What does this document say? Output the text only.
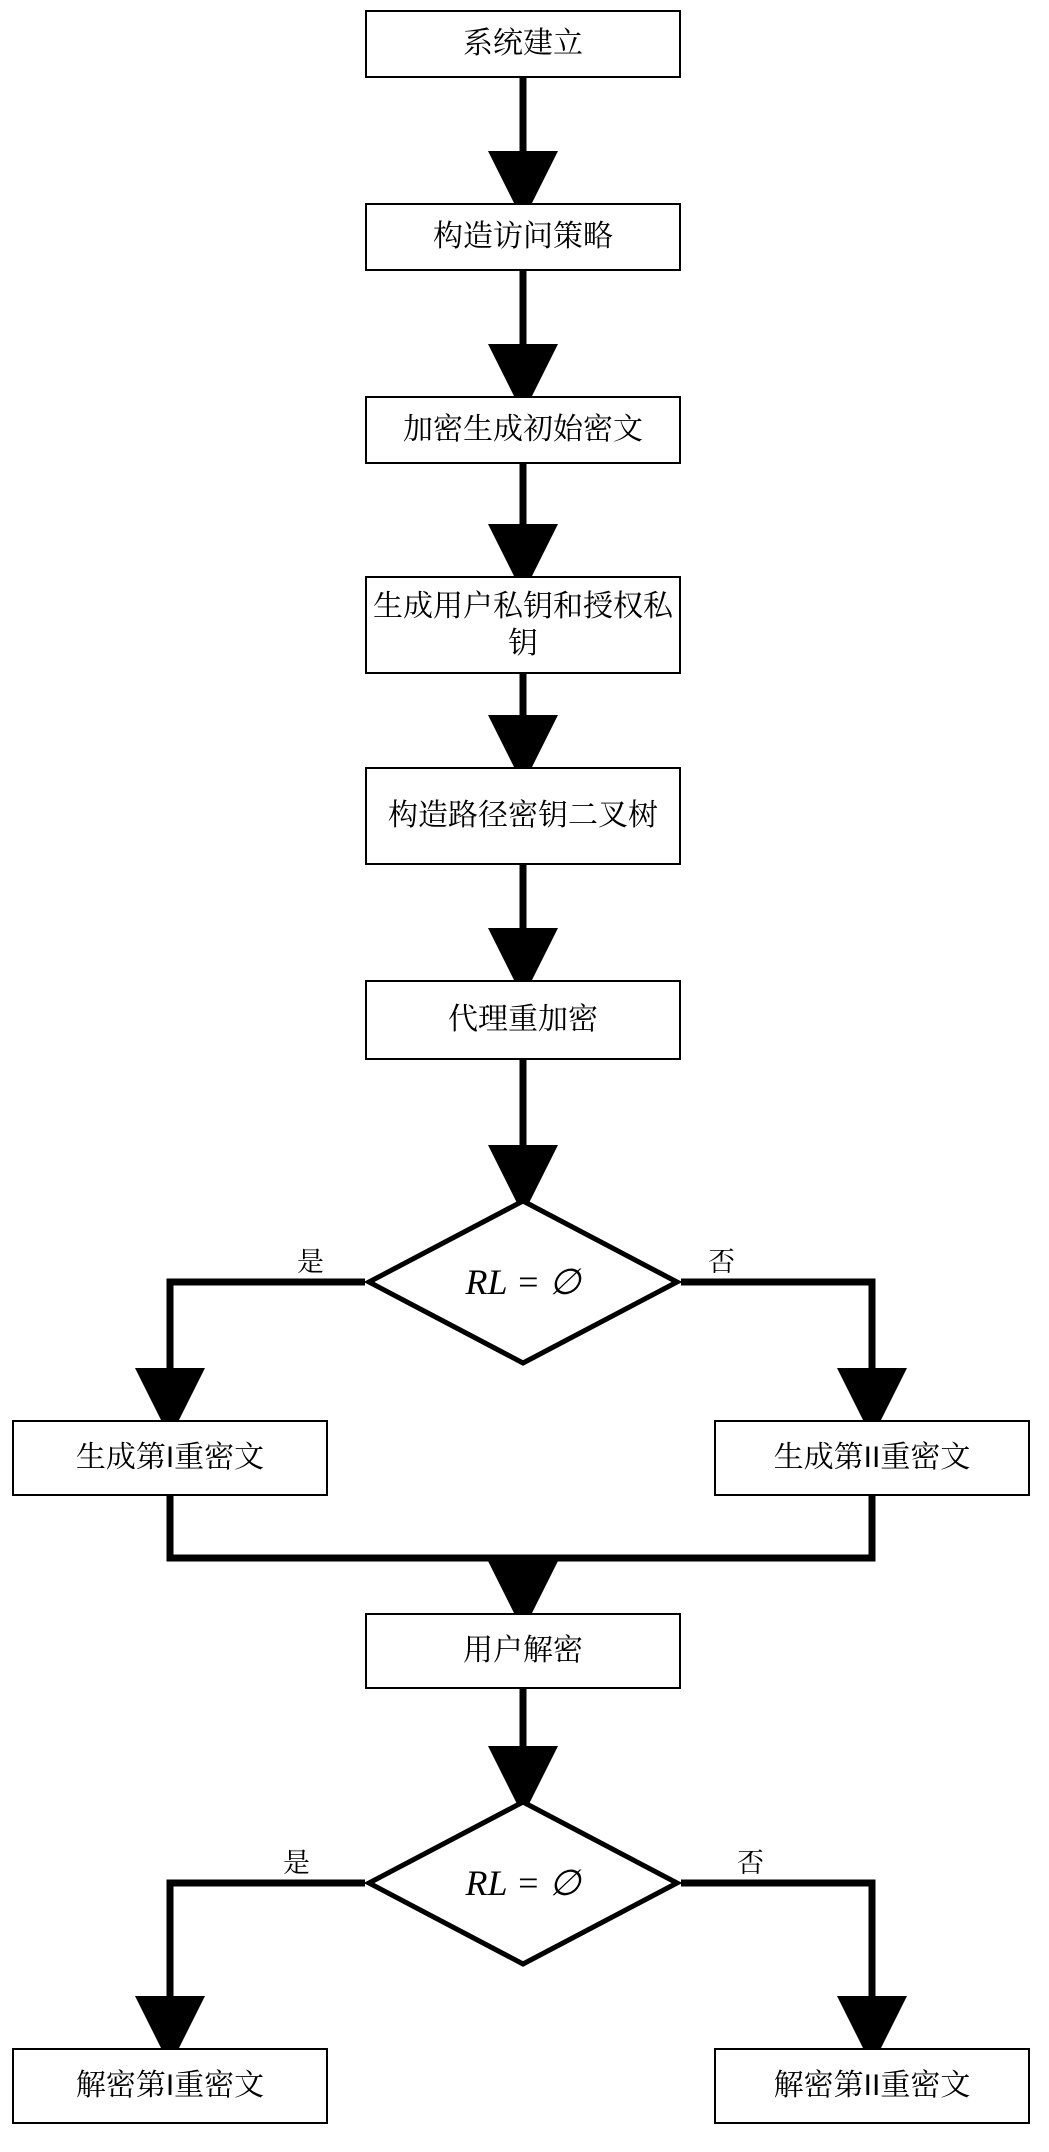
系统建立
构造访问策略
加密生成初始密文
生成用户私钥和授权私钥
构造路径密钥二叉树
代理重加密
RL = ∅
生成第I重密文	生成第II重密文
用户解密
RL = ∅
解密第I重密文	解密第II重密文
是	否
是	否
